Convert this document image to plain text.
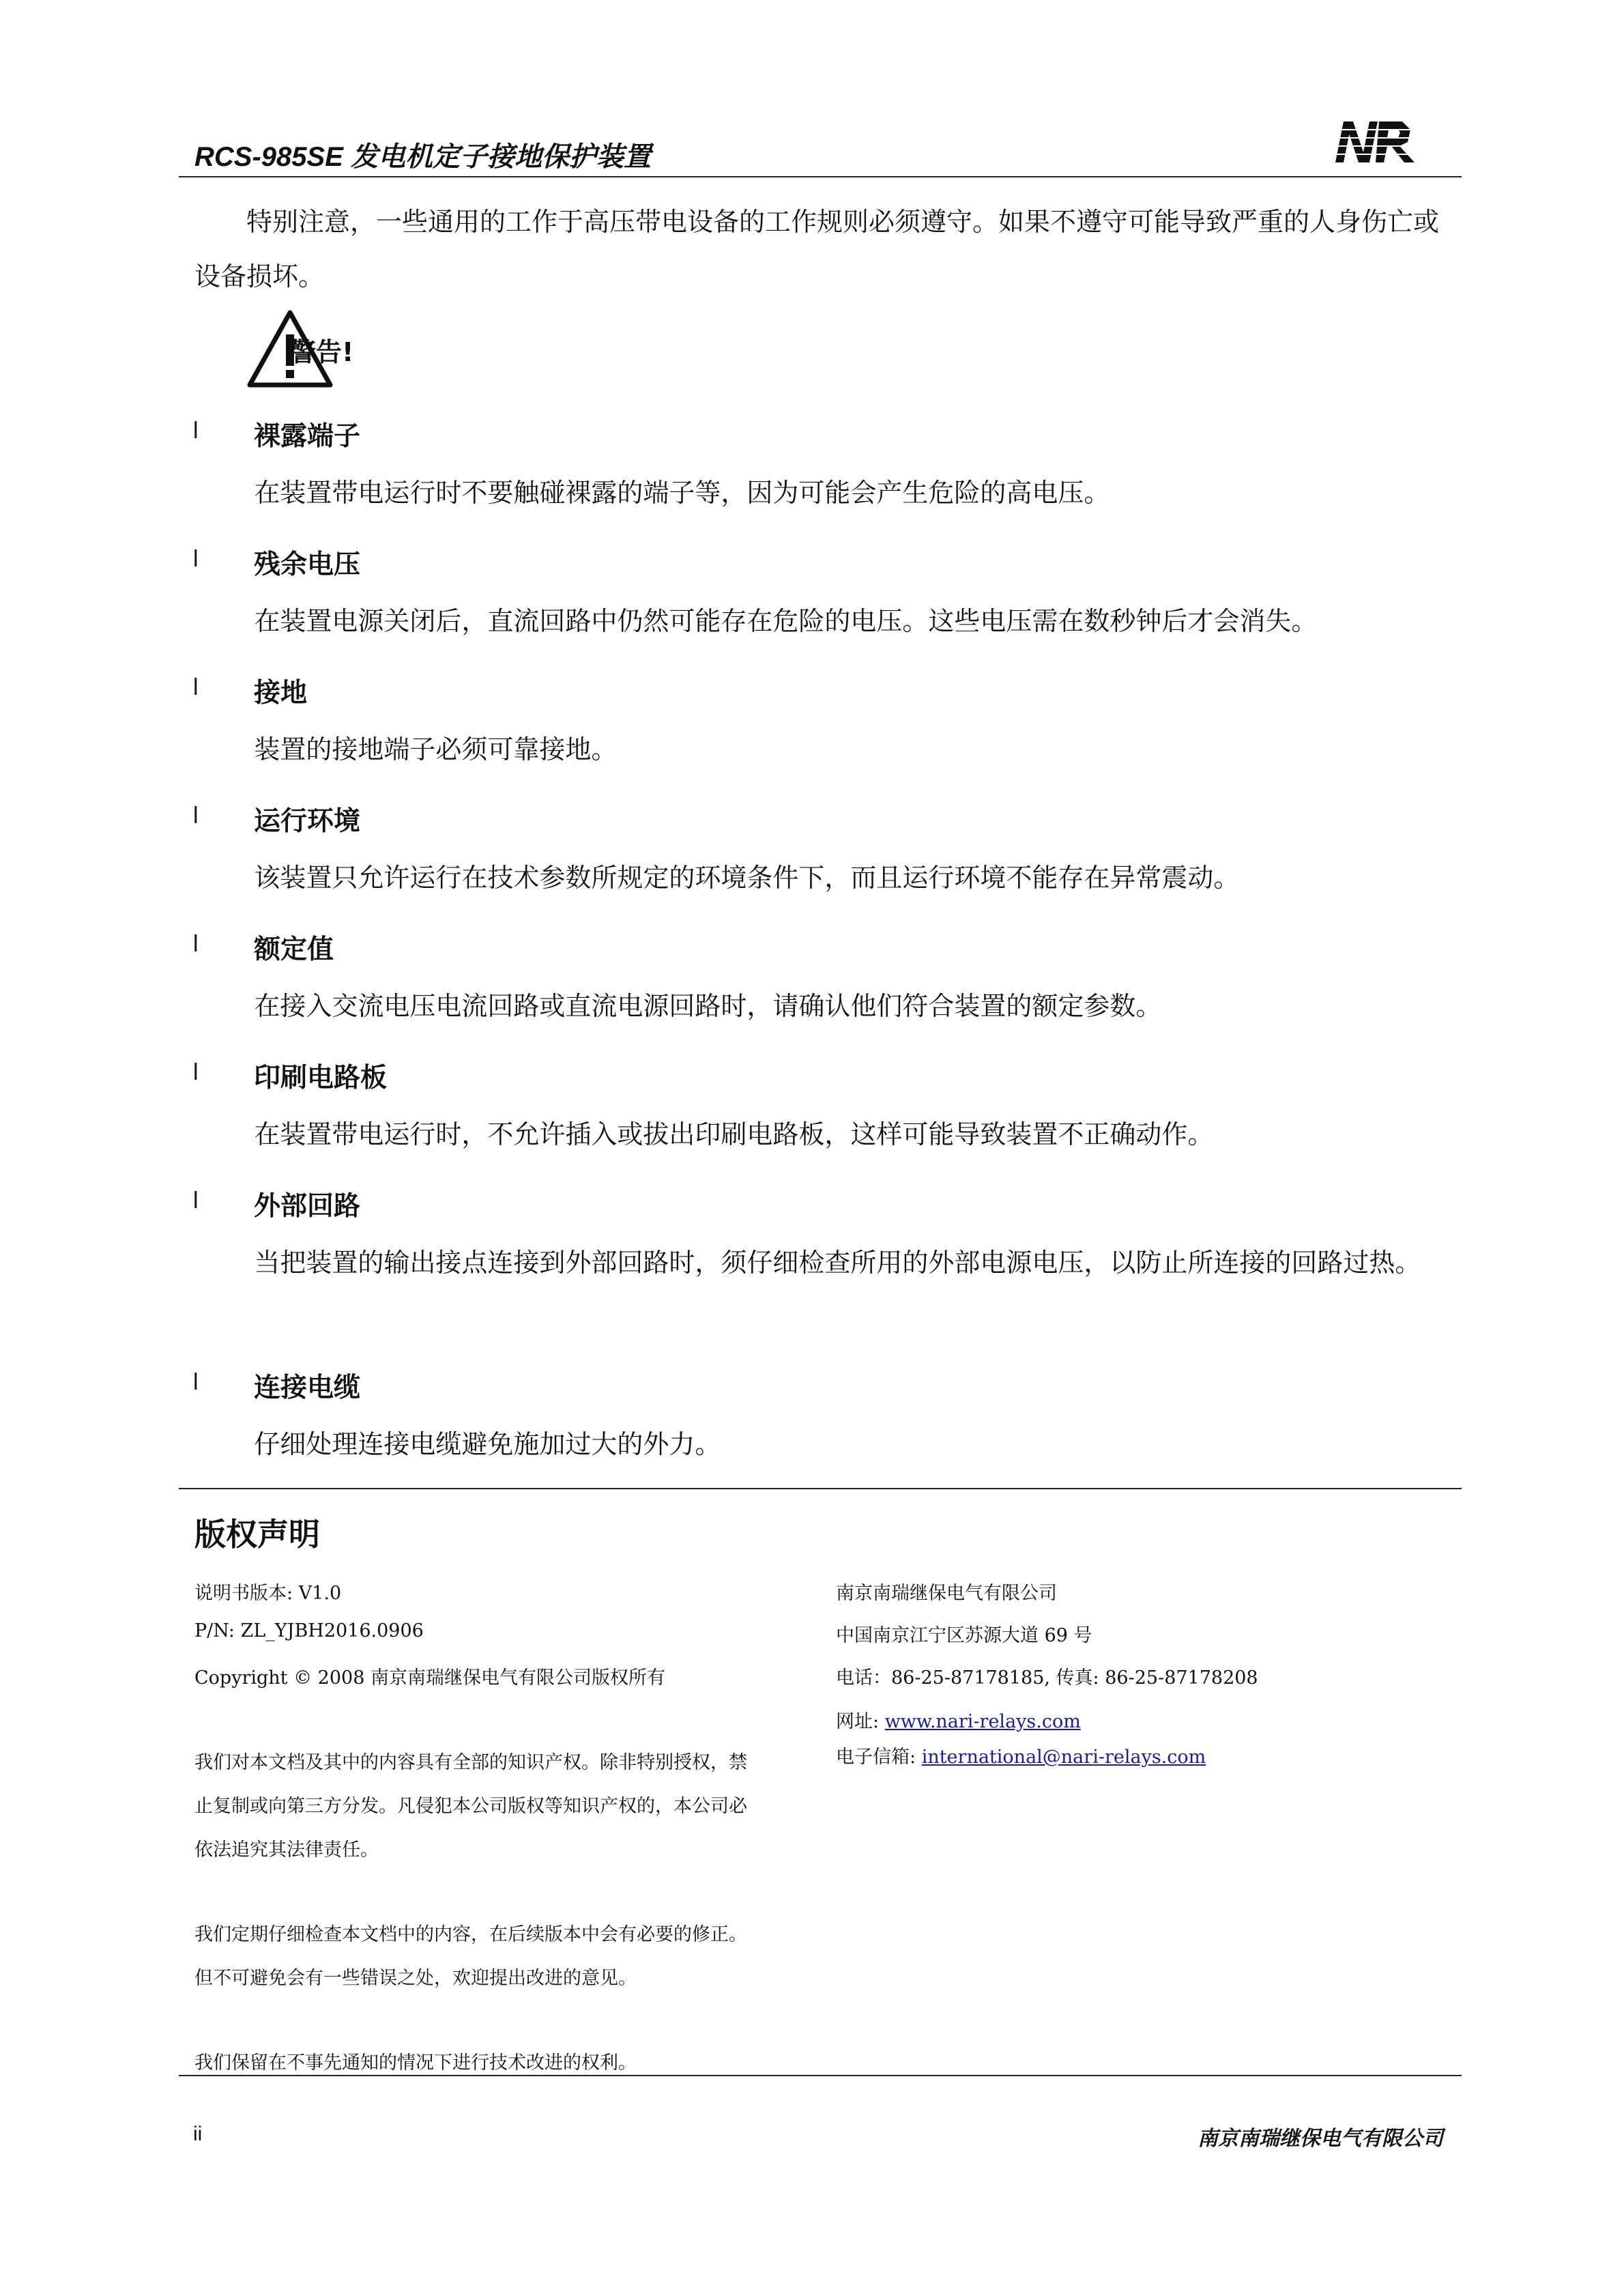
RCS-985SE 发电机定子接地保护装置

特别注意，一些通用的工作于高压带电设备的工作规则必须遵守。如果不遵守可能导致严重的人身伤亡或设备损坏。

警告!
l 裸露端子

在装置带电运行时不要触碰裸露的端子等，因为可能会产生危险的高电压。

l 残余电压

在装置电源关闭后，直流回路中仍然可能存在危险的电压。这些电压需在数秒钟后才会消失。

l 接地

装置的接地端子必须可靠接地。

l 运行环境

该装置只允许运行在技术参数所规定的环境条件下，而且运行环境不能存在异常震动。

l 额定值

在接入交流电压电流回路或直流电源回路时，请确认他们符合装置的额定参数。

l 印刷电路板

在装置带电运行时，不允许插入或拔出印刷电路板，这样可能导致装置不正确动作。

l 外部回路

当把装置的输出接点连接到外部回路时，须仔细检查所用的外部电源电压，以防止所连接的回路过热。

l 连接电缆

仔细处理连接电缆避免施加过大的外力。

版权声明
说明书版本: V1.0
P/N: ZL_YJBH2016.0906
Copyright © 2008 南京南瑞继保电气有限公司版权所有
我们对本文档及其中的内容具有全部的知识产权。除非特别授权，禁
止复制或向第三方分发。凡侵犯本公司版权等知识产权的，本公司必
依法追究其法律责任。
我们定期仔细检查本文档中的内容，在后续版本中会有必要的修正。
但不可避免会有一些错误之处，欢迎提出改进的意见。
我们保留在不事先通知的情况下进行技术改进的权利。
南京南瑞继保电气有限公司
中国南京江宁区苏源大道 69 号
电话：86-25-87178185, 传真: 86-25-87178208
网址: www.nari-relays.com
电子信箱: international@nari-relays.com
ii	南京南瑞继保电气有限公司
